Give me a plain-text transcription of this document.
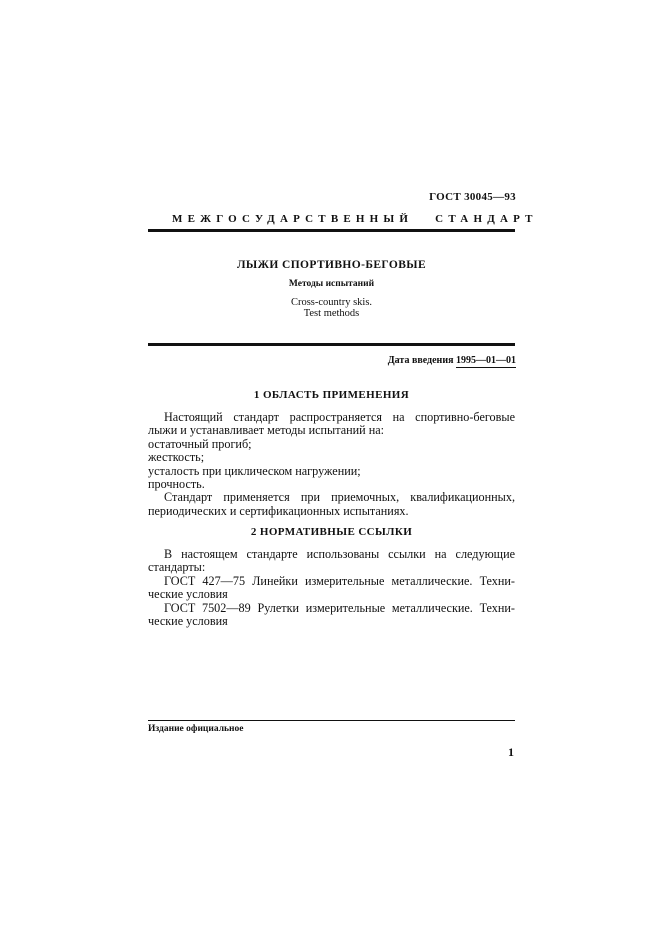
ГОСТ 30045—93
МЕЖГОСУДАРСТВЕННЫЙ СТАНДАРТ
ЛЫЖИ СПОРТИВНО-БЕГОВЫЕ
Методы испытаний
Cross-country skis.
Test methods
Дата введения 1995—01—01
1 ОБЛАСТЬ ПРИМЕНЕНИЯ
Настоящий стандарт распространяется на спортивно-беговые
лыжи и устанавливает методы испытаний на:
остаточный прогиб;
жесткость;
усталость при циклическом нагружении;
прочность.
Стандарт применяется при приемочных, квалификационных,
периодических и сертификационных испытаниях.
2 НОРМАТИВНЫЕ ССЫЛКИ
В настоящем стандарте использованы ссылки на следующие
стандарты:
ГОСТ 427—75 Линейки измерительные металлические. Техни-
ческие условия
ГОСТ 7502—89 Рулетки измерительные металлические. Техни-
ческие условия
Издание официальное
1
